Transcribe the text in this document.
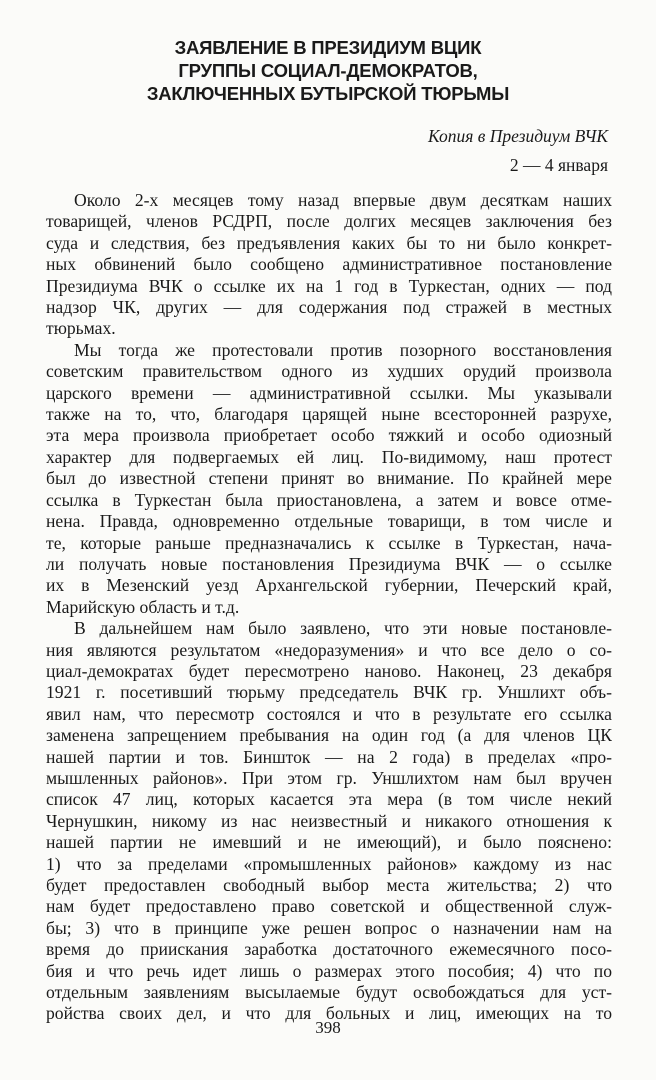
ЗАЯВЛЕНИЕ В ПРЕЗИДИУМ ВЦИК
ГРУППЫ СОЦИАЛ-ДЕМОКРАТОВ,
ЗАКЛЮЧЕННЫХ БУТЫРСКОЙ ТЮРЬМЫ
Копия в Президиум ВЧК
2 — 4 января
Около 2-х месяцев тому назад впервые двум десяткам наших
товарищей, членов РСДРП, после долгих месяцев заключения без
суда и следствия, без предъявления каких бы то ни было конкрет-
ных обвинений было сообщено административное постановление
Президиума ВЧК о ссылке их на 1 год в Туркестан, одних — под
надзор ЧК, других — для содержания под стражей в местных
тюрьмах.
Мы тогда же протестовали против позорного восстановления
советским правительством одного из худших орудий произвола
царского времени — административной ссылки. Мы указывали
также на то, что, благодаря царящей ныне всесторонней разрухе,
эта мера произвола приобретает особо тяжкий и особо одиозный
характер для подвергаемых ей лиц. По-видимому, наш протест
был до известной степени принят во внимание. По крайней мере
ссылка в Туркестан была приостановлена, а затем и вовсе отме-
нена. Правда, одновременно отдельные товарищи, в том числе и
те, которые раньше предназначались к ссылке в Туркестан, нача-
ли получать новые постановления Президиума ВЧК — о ссылке
их в Мезенский уезд Архангельской губернии, Печерский край,
Марийскую область и т.д.
В дальнейшем нам было заявлено, что эти новые постановле-
ния являются результатом «недоразумения» и что все дело о со-
циал-демократах будет пересмотрено наново. Наконец, 23 декабря
1921 г. посетивший тюрьму председатель ВЧК гр. Уншлихт объ-
явил нам, что пересмотр состоялся и что в результате его ссылка
заменена запрещением пребывания на один год (а для членов ЦК
нашей партии и тов. Биншток — на 2 года) в пределах «про-
мышленных районов». При этом гр. Уншлихтом нам был вручен
список 47 лиц, которых касается эта мера (в том числе некий
Чернушкин, никому из нас неизвестный и никакого отношения к
нашей партии не имевший и не имеющий), и было пояснено:
1) что за пределами «промышленных районов» каждому из нас
будет предоставлен свободный выбор места жительства; 2) что
нам будет предоставлено право советской и общественной служ-
бы; 3) что в принципе уже решен вопрос о назначении нам на
время до приискания заработка достаточного ежемесячного посо-
бия и что речь идет лишь о размерах этого пособия; 4) что по
отдельным заявлениям высылаемые будут освобождаться для уст-
ройства своих дел, и что для больных и лиц, имеющих на то
398
